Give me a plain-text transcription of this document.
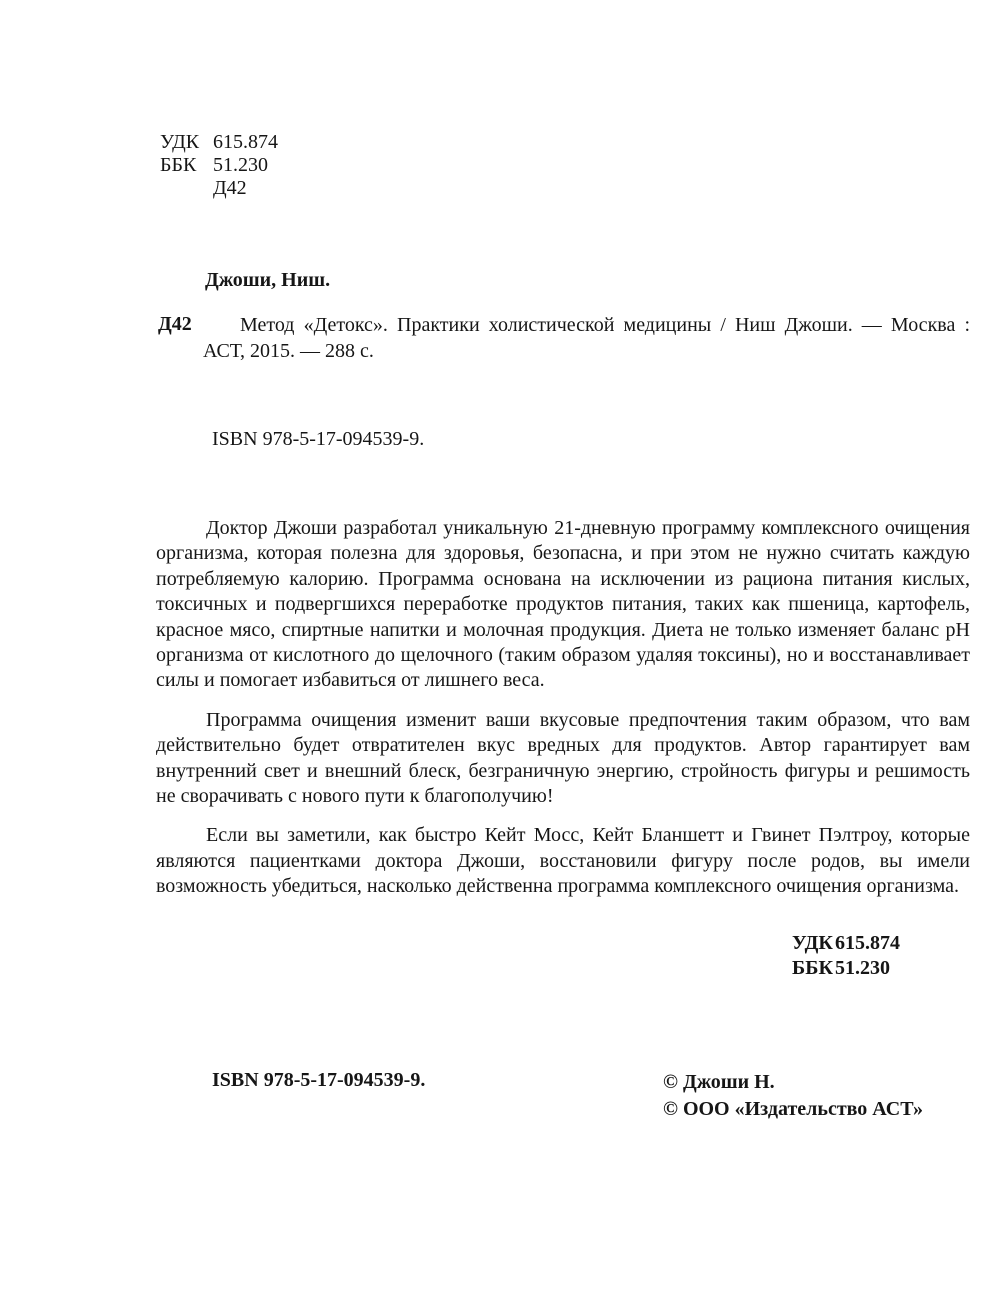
УДК 615.874
ББК 51.230
Д42
Джоши, Ниш.
Д42	Метод «Детокс». Практики холистической медицины / Ниш Джоши. — Москва : АСТ, 2015. — 288 с.
ISBN 978-5-17-094539-9.

Доктор Джоши разработал уникальную 21-дневную программу комплексного очищения организма, которая полезна для здоровья, безопасна, и при этом не нужно считать каждую потребляемую калорию. Программа основана на исключении из рациона питания кислых, токсичных и подвергшихся переработке продуктов питания, таких как пшеница, картофель, красное мясо, спиртные напитки и молочная продукция. Диета не только изменяет баланс pH организма от кислотного до щелочного (таким образом удаляя токсины), но и восстанавливает силы и помогает избавиться от лишнего веса.

Программа очищения изменит ваши вкусовые предпочтения таким образом, что вам действительно будет отвратителен вкус вредных для продуктов. Автор гарантирует вам внутренний свет и внешний блеск, безграничную энергию, стройность фигуры и решимость не сворачивать с нового пути к благополучию!

Если вы заметили, как быстро Кейт Мосс, Кейт Бланшетт и Гвинет Пэлтроу, которые являются пациентками доктора Джоши, восстановили фигуру после родов, вы имели возможность убедиться, насколько действенна программа комплексного очищения организма.

УДК 615.874
ББК 51.230
ISBN 978-5-17-094539-9.	© Джоши Н.
© ООО «Издательство АСТ»
